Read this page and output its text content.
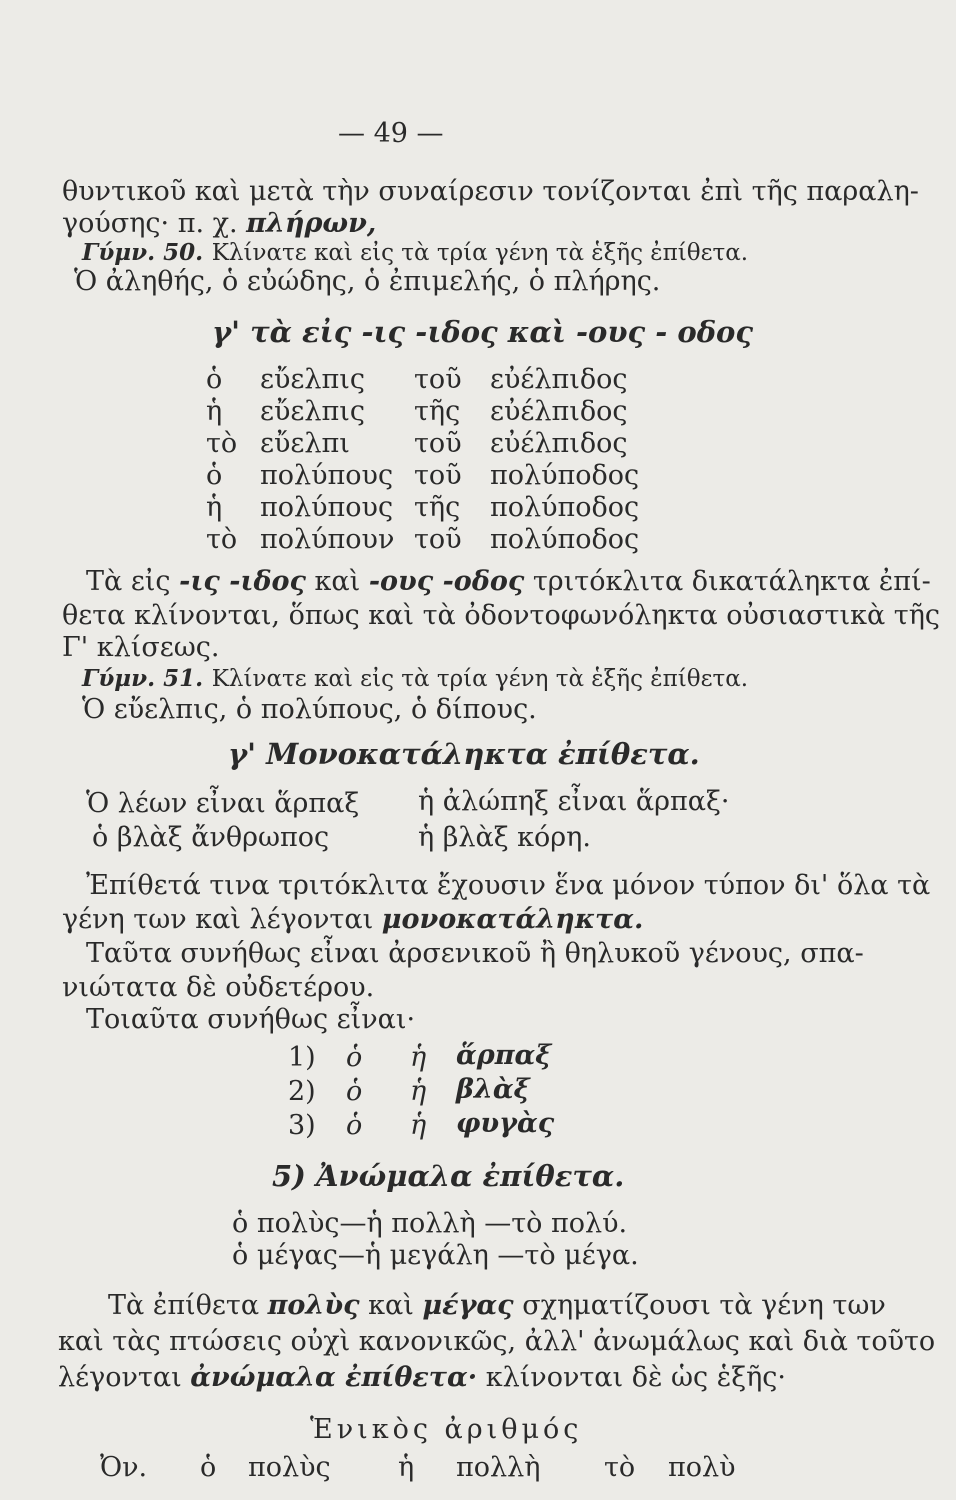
— 49 —
θυντικοῦ καὶ μετὰ τὴν συναίρεσιν τονίζονται ἐπὶ τῆς παραλη-
γούσης· π. χ. πλήρων,
Γύμν. 50. Κλίνατε καὶ εἰς τὰ τρία γένη τὰ ἑξῆς ἐπίθετα.
Ὁ ἀληθής, ὁ εὐώδης, ὁ ἐπιμελής, ὁ πλήρης.
γ' τὰ εἰς -ις -ιδος καὶ -ους - οδος
ὁ εὔελπις τοῦ εὐέλπιδος
ἡ εὔελπις τῆς εὐέλπιδος
τὸ εὔελπι τοῦ εὐέλπιδος
ὁ πολύπους τοῦ πολύποδος
ἡ πολύπους τῆς πολύποδος
τὸ πολύπουν τοῦ πολύποδος
Τὰ εἰς -ις -ιδος καὶ -ους -οδος τριτόκλιτα δικατάληκτα ἐπί-
θετα κλίνονται, ὅπως καὶ τὰ ὀδοντοφωνόληκτα οὐσιαστικὰ τῆς
Γ' κλίσεως.
Γύμν. 51. Κλίνατε καὶ εἰς τὰ τρία γένη τὰ ἑξῆς ἐπίθετα.
Ὁ εὔελπις, ὁ πολύπους, ὁ δίπους.
γ' Μονοκατάληκτα ἐπίθετα.
Ὁ λέων εἶναι ἅρπαξ ἡ ἀλώπηξ εἶναι ἅρπαξ·
ὁ βλὰξ ἄνθρωπος	ἡ βλὰξ κόρη.
Ἐπίθετά τινα τριτόκλιτα ἔχουσιν ἕνα μόνον τύπον δι' ὅλα τὰ
γένη των καὶ λέγονται μονοκατάληκτα.
Ταῦτα συνήθως εἶναι ἀρσενικοῦ ἢ θηλυκοῦ γένους, σπα-
νιώτατα δὲ οὐδετέρου.
Τοιαῦτα συνήθως εἶναι·
1) ὁ ἡ ἅρπαξ
2) ὁ ἡ βλὰξ
3) ὁ ἡ φυγὰς
5) Ἀνώμαλα ἐπίθετα.
ὁ πολὺς—ἡ πολλὴ —τὸ πολύ.
ὁ μέγας—ἡ μεγάλη —τὸ μέγα.
Τὰ ἐπίθετα πολὺς καὶ μέγας σχηματίζουσι τὰ γένη των
καὶ τὰς πτώσεις οὐχὶ κανονικῶς, ἀλλ' ἀνωμάλως καὶ διὰ τοῦτο
λέγονται ἀνώμαλα ἐπίθετα· κλίνονται δὲ ὡς ἑξῆς·
Ἑνικὸς ἀριθμός
Ὀν. ὁ πολὺς ἡ πολλὴ τὸ πολὺ
